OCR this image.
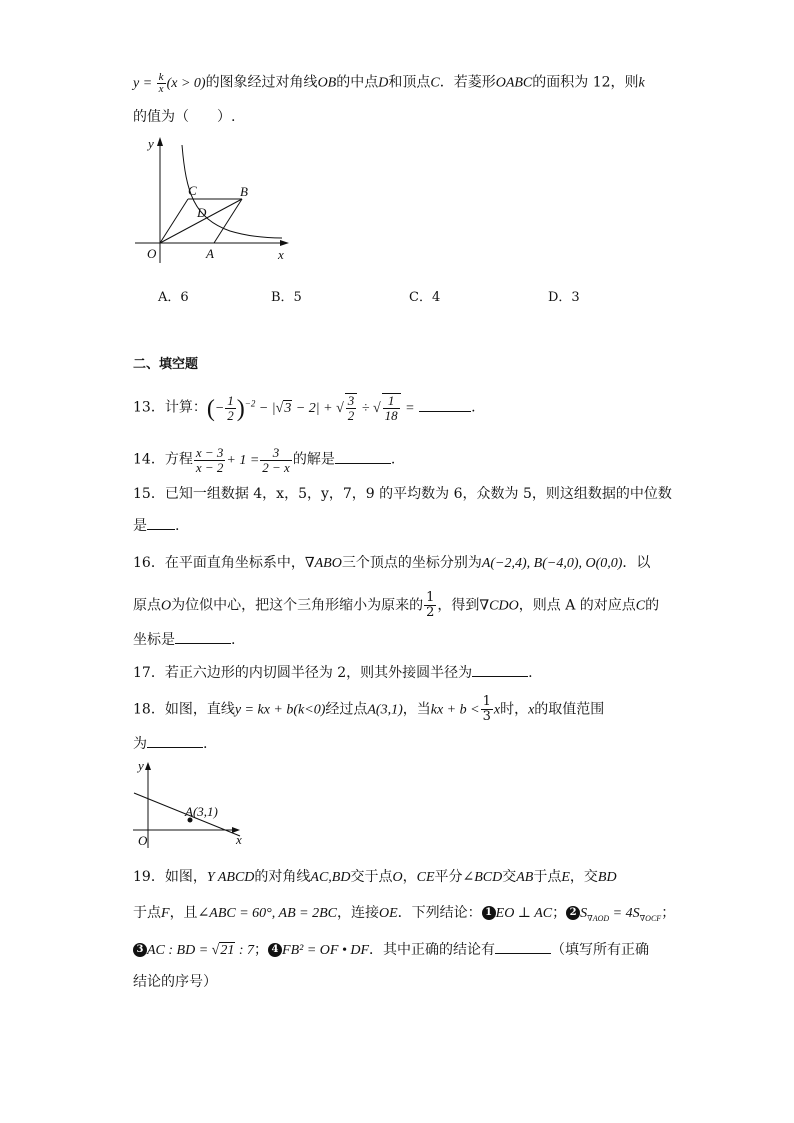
$y = \frac{k}{x} (x > 0)$的图象经过对角线OB的中点D和顶点C．若菱形OABC的面积为 12，则k
的值为（　　）.
y
x
O	A
B
C
D
A．6	B．5	C．4	D．3
二、填空题
13．计算：(− $\frac{1}{2} )^{-2} - |√3 - 2|$ + √ $\frac{3}{2}$ ÷ √ $\frac{1}{18}$ =	.
14．方程 $\frac{x - 3}{x - 2} + 1 = \frac{3}{2 - x}$ 的解是	.
15．已知一组数据 4，x，5，y，7，9 的平均数为 6，众数为 5，则这组数据的中位数
是 .
16．在平面直角坐标系中，∇ABO三个顶点的坐标分别为A(−2,4), B(−4,0), O(0,0)．以
原点O为位似中心，把这个三角形缩小为原来的 $\frac{1}{2}$ ，得到∇CDO，则点 A 的对应点C的
坐标是	.
17．若正六边形的内切圆半径为 2，则其外接圆半径为	.
18．如图，直线y = kx + b(k<0)经过点A(3,1)，当kx + $b < \frac{1}{3}$ x时，x的取值范围
为	.
y
x
O
A(3,1)
19．如图，Y ABCD的对角线AC,BD交于点O，CE平分∠BCD交AB于点E，交BD
于点F，且∠ABC = 60°, AB = 2BC，连接OE．下列结论： 1 EO ⊥ AC； 2 $S_{\nabla AOD} = 4S_{\nabla OCF}$；
3 AC : BD = √21 : 7； 4 FB² = OF • DF．其中正确的结论有	（填写所有正确
结论的序号）
